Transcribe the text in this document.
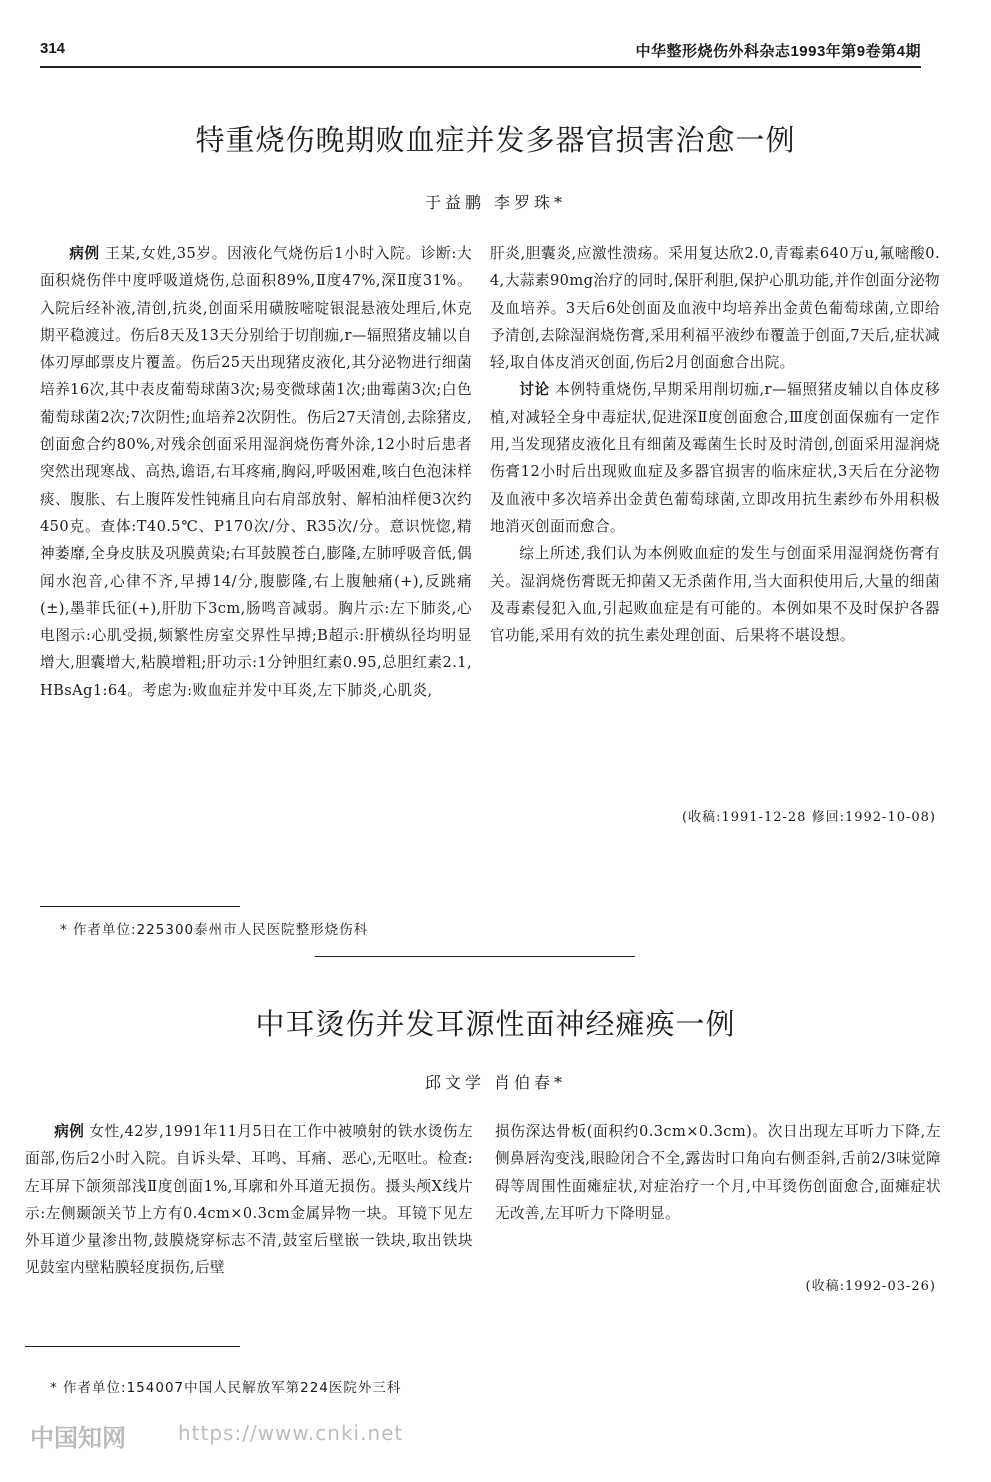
314	中华整形烧伤外科杂志1993年第9卷第4期
特重烧伤晚期败血症并发多器官损害治愈一例
于益鹏 李罗珠*

病例 王某,女姓,35岁。因液化气烧伤后1小时入院。诊断:大面积烧伤伴中度呼吸道烧伤,总面积89%,Ⅱ度47%,深Ⅱ度31%。入院后经补液,清创,抗炎,创面采用磺胺嘧啶银混悬液处理后,休克期平稳渡过。伤后8天及13天分别给于切削痂,r—辐照猪皮辅以自体刃厚邮票皮片覆盖。伤后25天出现猪皮液化,其分泌物进行细菌培养16次,其中表皮葡萄球菌3次;易变微球菌1次;曲霉菌3次;白色葡萄球菌2次;7次阴性;血培养2次阴性。伤后27天清创,去除猪皮,创面愈合约80%,对残余创面采用湿润烧伤膏外涂,12小时后患者突然出现寒战、高热,谵语,右耳疼痛,胸闷,呼吸困难,咳白色泡沫样痰、腹胀、右上腹阵发性钝痛且向右肩部放射、解柏油样便3次约450克。查体:T40.5℃、P170次/分、R35次/分。意识恍惚,精神萎靡,全身皮肤及巩膜黄染;右耳鼓膜苍白,膨隆,左肺呼吸音低,偶闻水泡音,心律不齐,早搏14/分,腹膨隆,右上腹触痛(+),反跳痛(±),墨菲氏征(+),肝肋下3cm,肠鸣音减弱。胸片示:左下肺炎,心电图示:心肌受损,频繁性房室交界性早搏;B超示:肝横纵径均明显增大,胆囊增大,粘膜增粗;肝功示:1分钟胆红素0.95,总胆红素2.1,HBsAg1:64。考虑为:败血症并发中耳炎,左下肺炎,心肌炎,

肝炎,胆囊炎,应激性溃疡。采用复达欣2.0,青霉素640万u,氟嘧酸0.4,大蒜素90mg治疗的同时,保肝利胆,保护心肌功能,并作创面分泌物及血培养。3天后6处创面及血液中均培养出金黄色葡萄球菌,立即给予清创,去除湿润烧伤膏,采用利福平液纱布覆盖于创面,7天后,症状减轻,取自体皮消灭创面,伤后2月创面愈合出院。

讨论 本例特重烧伤,早期采用削切痂,r—辐照猪皮辅以自体皮移植,对减轻全身中毒症状,促进深Ⅱ度创面愈合,Ⅲ度创面保痂有一定作用,当发现猪皮液化且有细菌及霉菌生长时及时清创,创面采用湿润烧伤膏12小时后出现败血症及多器官损害的临床症状,3天后在分泌物及血液中多次培养出金黄色葡萄球菌,立即改用抗生素纱布外用积极地消灭创面而愈合。

综上所述,我们认为本例败血症的发生与创面采用湿润烧伤膏有关。湿润烧伤膏既无抑菌又无杀菌作用,当大面积使用后,大量的细菌及毒素侵犯入血,引起败血症是有可能的。本例如果不及时保护各器官功能,采用有效的抗生素处理创面、后果将不堪设想。

(收稿:1991-12-28 修回:1992-10-08)
* 作者单位:225300泰州市人民医院整形烧伤科
中耳烫伤并发耳源性面神经瘫痪一例
邱文学 肖伯春*

病例 女性,42岁,1991年11月5日在工作中被喷射的铁水烫伤左面部,伤后2小时入院。自诉头晕、耳鸣、耳痛、恶心,无呕吐。检查:左耳屏下颌须部浅Ⅱ度创面1%,耳廓和外耳道无损伤。摄头颅X线片示:左侧颞颌关节上方有0.4cm×0.3cm金属异物一块。耳镜下见左外耳道少量渗出物,鼓膜烧穿标志不清,鼓室后壁嵌一铁块,取出铁块见鼓室内壁粘膜轻度损伤,后壁

损伤深达骨板(面积约0.3cm×0.3cm)。次日出现左耳听力下降,左侧鼻唇沟变浅,眼睑闭合不全,露齿时口角向右侧歪斜,舌前2/3味觉障碍等周围性面瘫症状,对症治疗一个月,中耳烫伤创面愈合,面瘫症状无改善,左耳听力下降明显。

(收稿:1992-03-26)
* 作者单位:154007中国人民解放军第224医院外三科
中国知网	https://www.cnki.net
